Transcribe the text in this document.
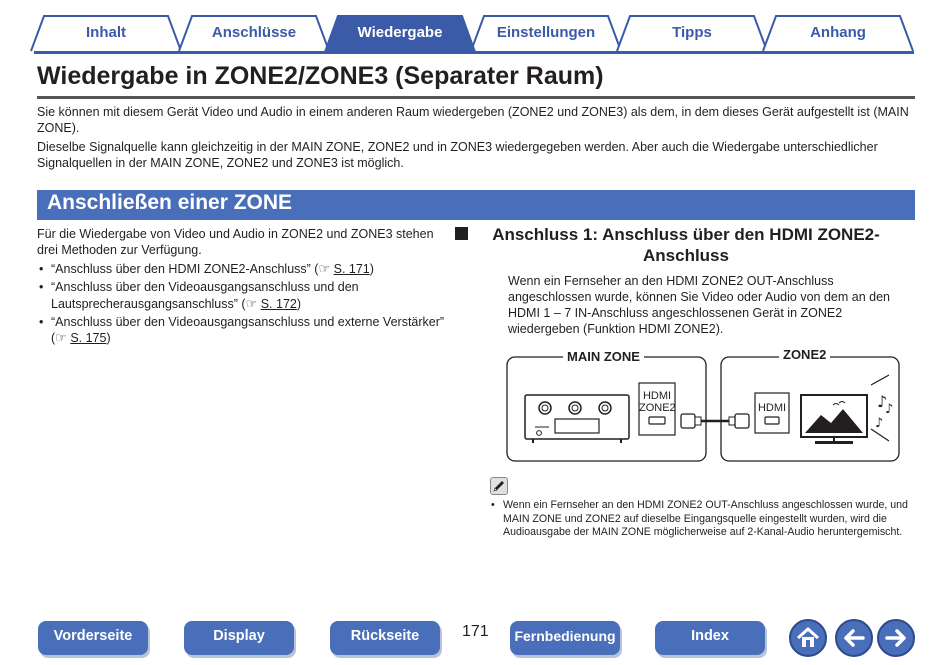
Inhalt	Anschlüsse	Einstellungen	Tipps	Anhang
Wiedergabe
Wiedergabe in ZONE2/ZONE3 (Separater Raum)

Sie können mit diesem Gerät Video und Audio in einem anderen Raum wiedergeben (ZONE2 und ZONE3) als dem, in dem dieses Gerät aufgestellt ist (MAIN ZONE).

Dieselbe Signalquelle kann gleichzeitig in der MAIN ZONE, ZONE2 und in ZONE3 wiedergegeben werden. Aber auch die Wiedergabe unterschiedlicher Signalquellen in der MAIN ZONE, ZONE2 und ZONE3 ist möglich.

Anschließen einer ZONE

Für die Wiedergabe von Video und Audio in ZONE2 und ZONE3 stehen drei Methoden zur Verfügung.

• “Anschluss über den HDMI ZONE2-Anschluss” (☞ S. 171)
• “Anschluss über den Videoausgangsanschluss und den Lautsprecherausgangsanschluss” (☞ S. 172)
• “Anschluss über den Videoausgangsanschluss und externe Verstärker” (☞ S. 175)
Anschluss 1: Anschluss über den HDMI ZONE2-Anschluss

Wenn ein Fernseher an den HDMI ZONE2 OUT-Anschluss angeschlossen wurde, können Sie Video oder Audio von dem an den HDMI 1 – 7 IN-Anschluss angeschlossenen Gerät in ZONE2 wiedergeben (Funktion HDMI ZONE2).

♪
♪
♪
MAIN ZONE	ZONE2
HDMI
ZONE2	HDMI
• Wenn ein Fernseher an den HDMI ZONE2 OUT-Anschluss angeschlossen wurde, und MAIN ZONE und ZONE2 auf dieselbe Eingangsquelle eingestellt wurden, wird die Audioausgabe der MAIN ZONE möglicherweise auf 2-Kanal-Audio heruntergemischt.
Vorderseite	Display	Rückseite	171	Fernbedienung	Index
